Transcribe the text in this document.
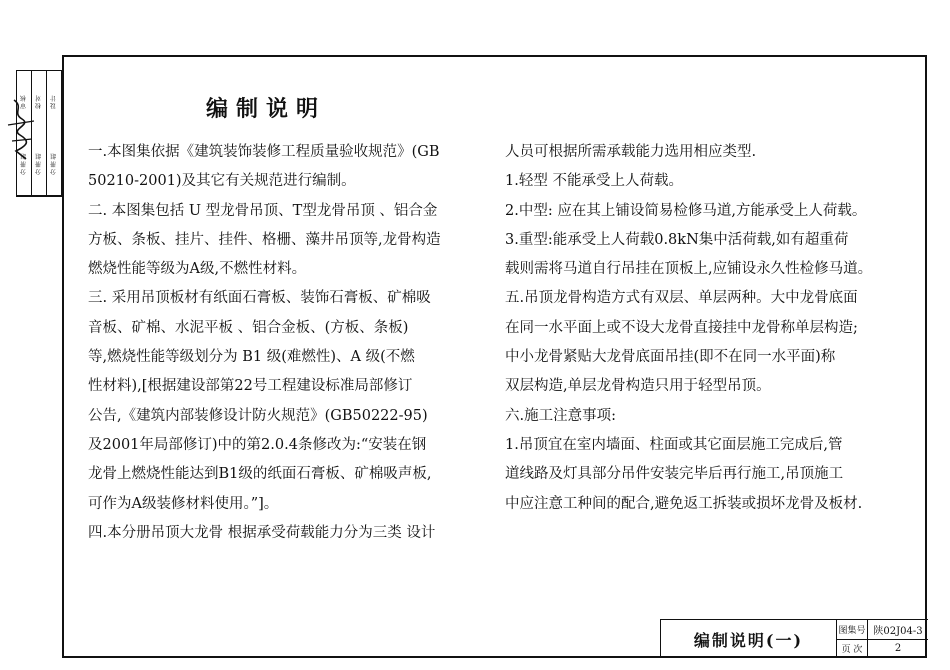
审 核
分 册 组
校 对
分 册 组
设 计
分 册 组
编制说明
一.本图集依据《建筑装饰装修工程质量验收规范》(GB
50210-2001)及其它有关规范进行编制。
二. 本图集包括 U 型龙骨吊顶、T型龙骨吊顶 、铝合金
方板、条板、挂片、挂件、格栅、藻井吊顶等,龙骨构造
燃烧性能等级为A级,不燃性材料。
三. 采用吊顶板材有纸面石膏板、装饰石膏板、矿棉吸
音板、矿棉、水泥平板 、铝合金板、(方板、条板)
等,燃烧性能等级划分为 B1 级(难燃性)、A 级(不燃
性材料),[根据建设部第22号工程建设标准局部修订
公告,《建筑内部装修设计防火规范》(GB50222-95)
及2001年局部修订)中的第2.0.4条修改为:“安装在钢
龙骨上燃烧性能达到B1级的纸面石膏板、矿棉吸声板,
可作为A级装修材料使用。”]。
四.本分册吊顶大龙骨 根据承受荷载能力分为三类 设计
人员可根据所需承载能力选用相应类型.
1.轻型 不能承受上人荷载。
2.中型: 应在其上铺设简易检修马道,方能承受上人荷载。
3.重型:能承受上人荷载0.8kN集中活荷载,如有超重荷
载则需将马道自行吊挂在顶板上,应铺设永久性检修马道。
五.吊顶龙骨构造方式有双层、单层两种。大中龙骨底面
在同一水平面上或不设大龙骨直接挂中龙骨称单层构造;
中小龙骨紧贴大龙骨底面吊挂(即不在同一水平面)称
双层构造,单层龙骨构造只用于轻型吊顶。
六.施工注意事项:
1.吊顶宜在室内墙面、柱面或其它面层施工完成后,管
道线路及灯具部分吊件安装完毕后再行施工,吊顶施工
中应注意工种间的配合,避免返工拆装或损坏龙骨及板材.
编制说明(一)	图集号 陕02J04-3
页 次	2
